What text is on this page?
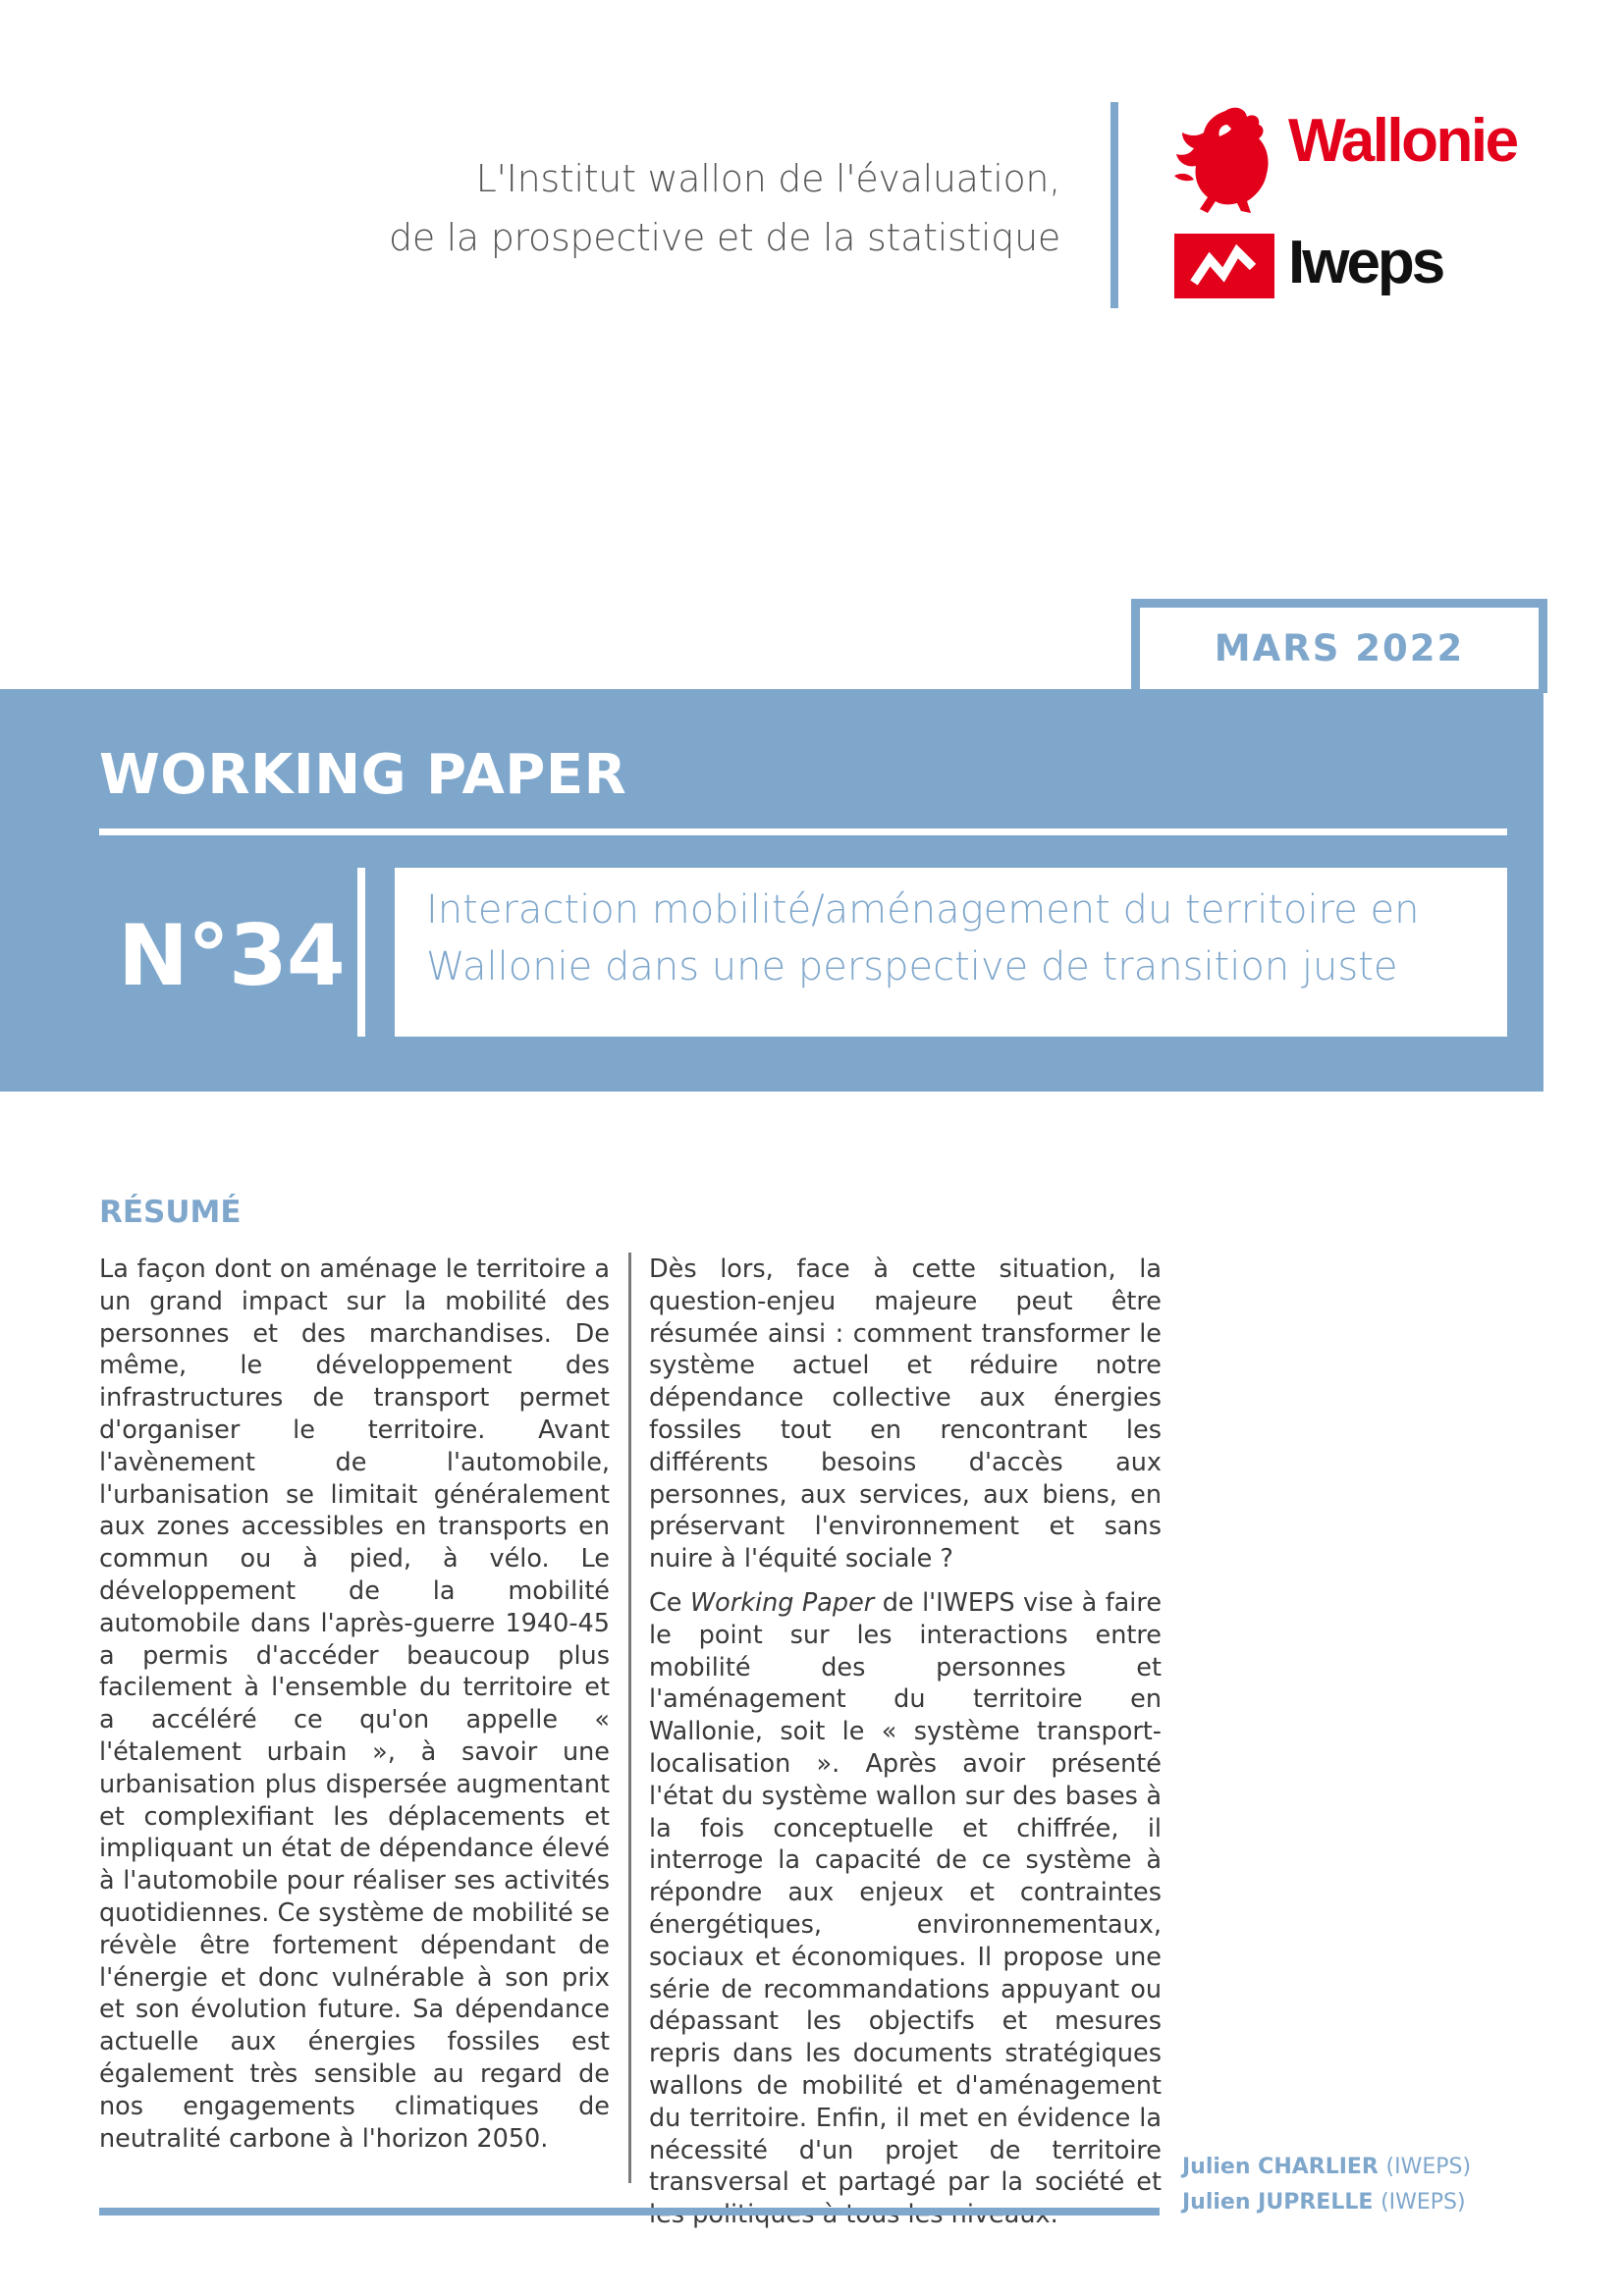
L'Institut wallon de l'évaluation,
de la prospective et de la statistique
Wallonie
Iweps
MARS 2022
WORKING PAPER
N°34 Interaction mobilité/aménagement du territoire en
Wallonie dans une perspective de transition juste
RÉSUMÉ

La façon dont on aménage le territoire a un grand impact sur la mobilité des personnes et des marchandises. De même, le développement des infrastructures de transport permet d'organiser le territoire. Avant l'avènement de l'automobile, l'urbanisation se limitait généralement aux zones accessibles en transports en commun ou à pied, à vélo. Le développement de la mobilité automobile dans l'après-guerre 1940-45 a permis d'accéder beaucoup plus facilement à l'ensemble du territoire et a accéléré ce qu'on appelle « l'étalement urbain », à savoir une urbanisation plus dispersée augmentant et complexifiant les déplacements et impliquant un état de dépendance élevé à l'automobile pour réaliser ses activités quotidiennes. Ce système de mobilité se révèle être fortement dépendant de l'énergie et donc vulnérable à son prix et son évolution future. Sa dépendance actuelle aux énergies fossiles est également très sensible au regard de nos engagements climatiques de neutralité carbone à l'horizon 2050.

Dès lors, face à cette situation, la question-enjeu majeure peut être résumée ainsi : comment transformer le système actuel et réduire notre dépendance collective aux énergies fossiles tout en rencontrant les différents besoins d'accès aux personnes, aux services, aux biens, en préservant l'environnement et sans nuire à l'équité sociale ?

Ce Working Paper de l'IWEPS vise à faire le point sur les interactions entre mobilité des personnes et l'aménagement du territoire en Wallonie, soit le « système transport-localisation ». Après avoir présenté l'état du système wallon sur des bases à la fois conceptuelle et chiffrée, il interroge la capacité de ce système à répondre aux enjeux et contraintes énergétiques, environnementaux, sociaux et économiques. Il propose une série de recommandations appuyant ou dépassant les objectifs et mesures repris dans les documents stratégiques wallons de mobilité et d'aménagement du territoire. Enfin, il met en évidence la nécessité d'un projet de territoire transversal et partagé par la société et

Julien CHARLIER (IWEPS)
Julien JUPRELLE (IWEPS)
